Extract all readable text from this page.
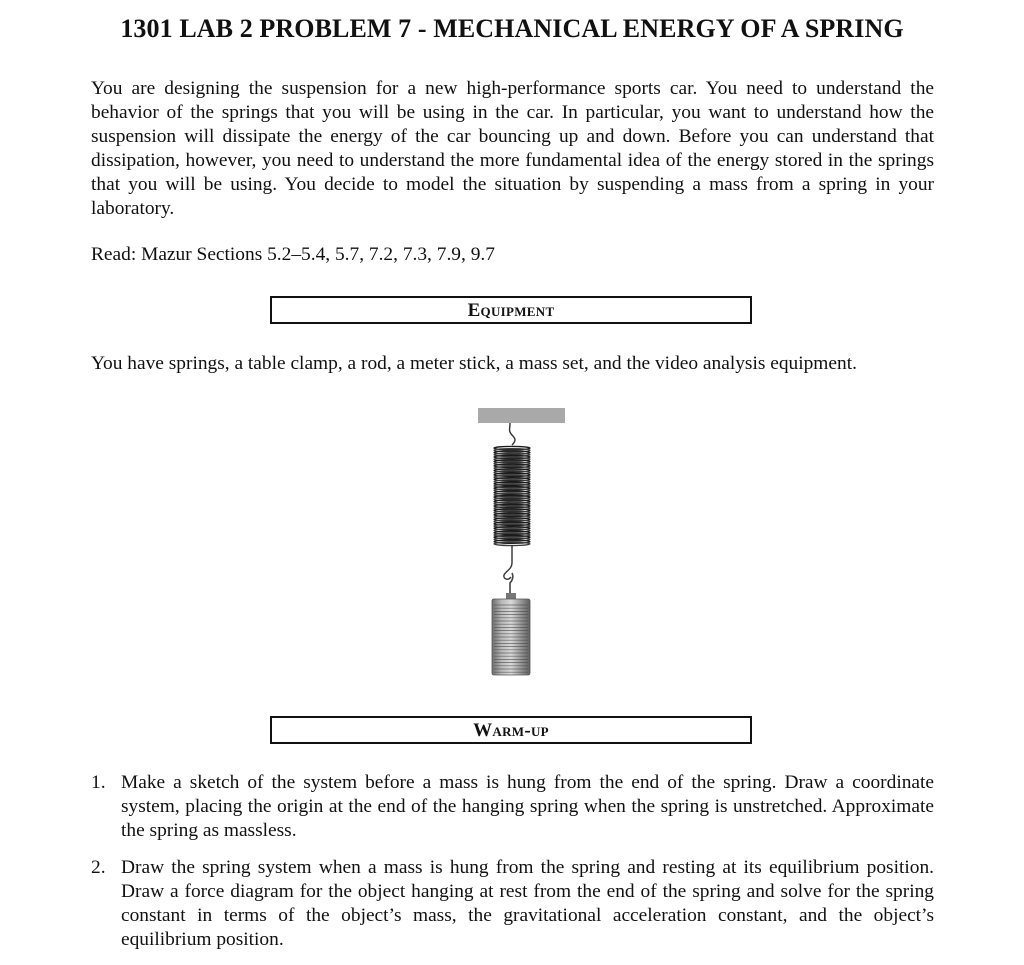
1301 LAB 2 PROBLEM 7 - MECHANICAL ENERGY OF A SPRING

You are designing the suspension for a new high-performance sports car. You need to understand the behavior of the springs that you will be using in the car. In particular, you want to understand how the suspension will dissipate the energy of the car bouncing up and down. Before you can understand that dissipation, however, you need to understand the more fundamental idea of the energy stored in the springs that you will be using. You decide to model the situation by suspending a mass from a spring in your laboratory.

Read: Mazur Sections 5.2–5.4, 5.7, 7.2, 7.3, 7.9, 9.7

Equipment

You have springs, a table clamp, a rod, a meter stick, a mass set, and the video analysis equipment.

Warm-up
1. Make a sketch of the system before a mass is hung from the end of the spring. Draw a coordinate system, placing the origin at the end of the hanging spring when the spring is unstretched. Approximate the spring as massless.
2. Draw the spring system when a mass is hung from the spring and resting at its equilibrium position. Draw a force diagram for the object hanging at rest from the end of the spring and solve for the spring constant in terms of the object’s mass, the gravitational acceleration constant, and the object’s equilibrium position.
